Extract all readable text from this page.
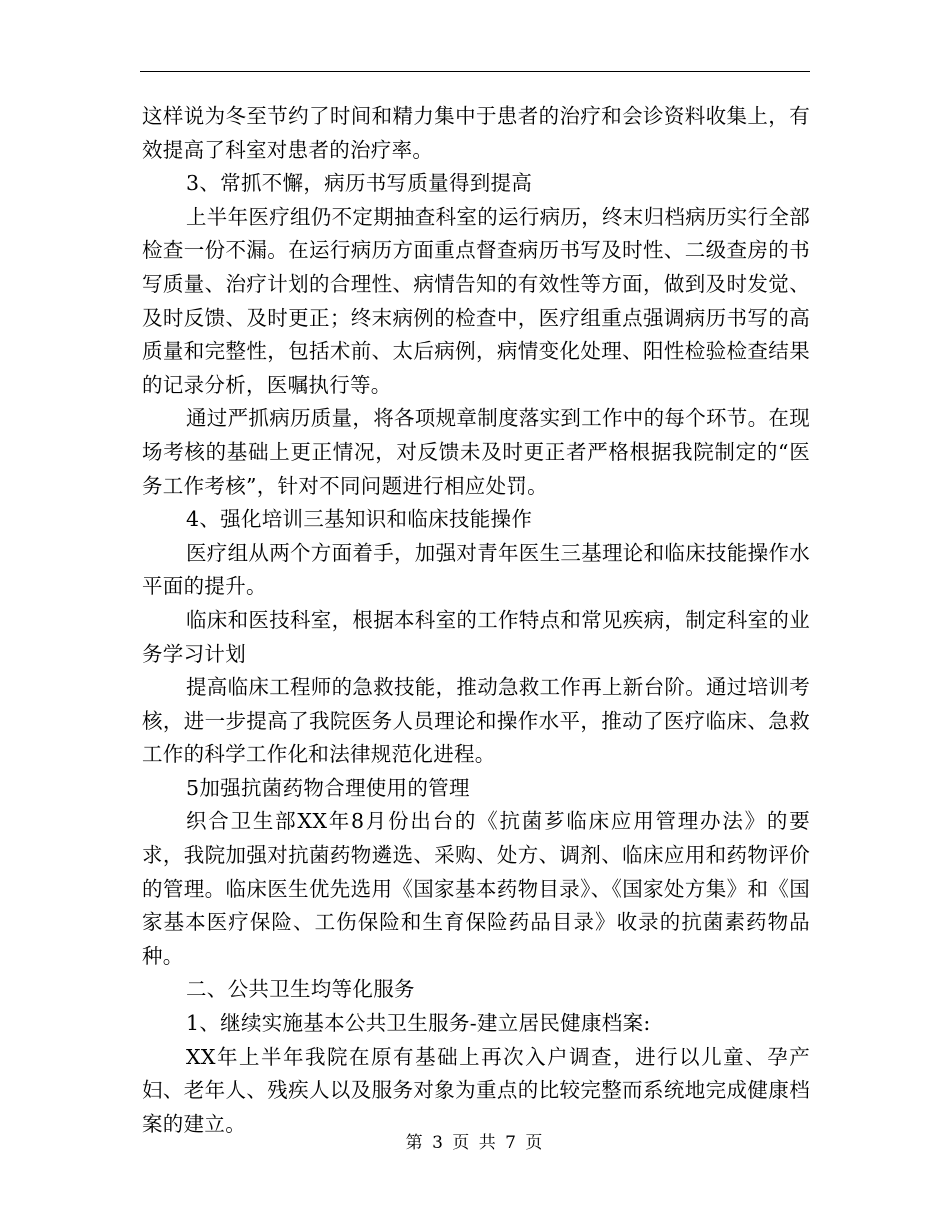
这样说为冬至节约了时间和精力集中于患者的治疗和会诊资料收集上，有效提高了科室对患者的治疗率。

3、常抓不懈，病历书写质量得到提高

上半年医疗组仍不定期抽查科室的运行病历，终末归档病历实行全部检查一份不漏。在运行病历方面重点督查病历书写及时性、二级查房的书写质量、治疗计划的合理性、病情告知的有效性等方面，做到及时发觉、及时反馈、及时更正；终末病例的检查中，医疗组重点强调病历书写的高质量和完整性，包括术前、太后病例，病情变化处理、阳性检验检查结果的记录分析，医嘱执行等。

通过严抓病历质量，将各项规章制度落实到工作中的每个环节。在现场考核的基础上更正情况，对反馈未及时更正者严格根据我院制定的“医务工作考核”，针对不同问题进行相应处罚。

4、强化培训三基知识和临床技能操作

医疗组从两个方面着手，加强对青年医生三基理论和临床技能操作水平面的提升。

临床和医技科室，根据本科室的工作特点和常见疾病，制定科室的业务学习计划

提高临床工程师的急救技能，推动急救工作再上新台阶。通过培训考核，进一步提高了我院医务人员理论和操作水平，推动了医疗临床、急救工作的科学工作化和法律规范化进程。

5加强抗菌药物合理使用的管理

织合卫生部XX年8月份出台的《抗菌芗临床应用管理办法》的要求，我院加强对抗菌药物遴选、采购、处方、调剂、临床应用和药物评价的管理。临床医生优先选用《国家基本药物目录》、《国家处方集》和《国家基本医疗保险、工伤保险和生育保险药品目录》收录的抗菌素药物品种。

二、公共卫生均等化服务

1、继续实施基本公共卫生服务-建立居民健康档案:

XX年上半年我院在原有基础上再次入户调查，进行以儿童、孕产妇、老年人、残疾人以及服务对象为重点的比较完整而系统地完成健康档案的建立。

第 3 页 共 7 页
